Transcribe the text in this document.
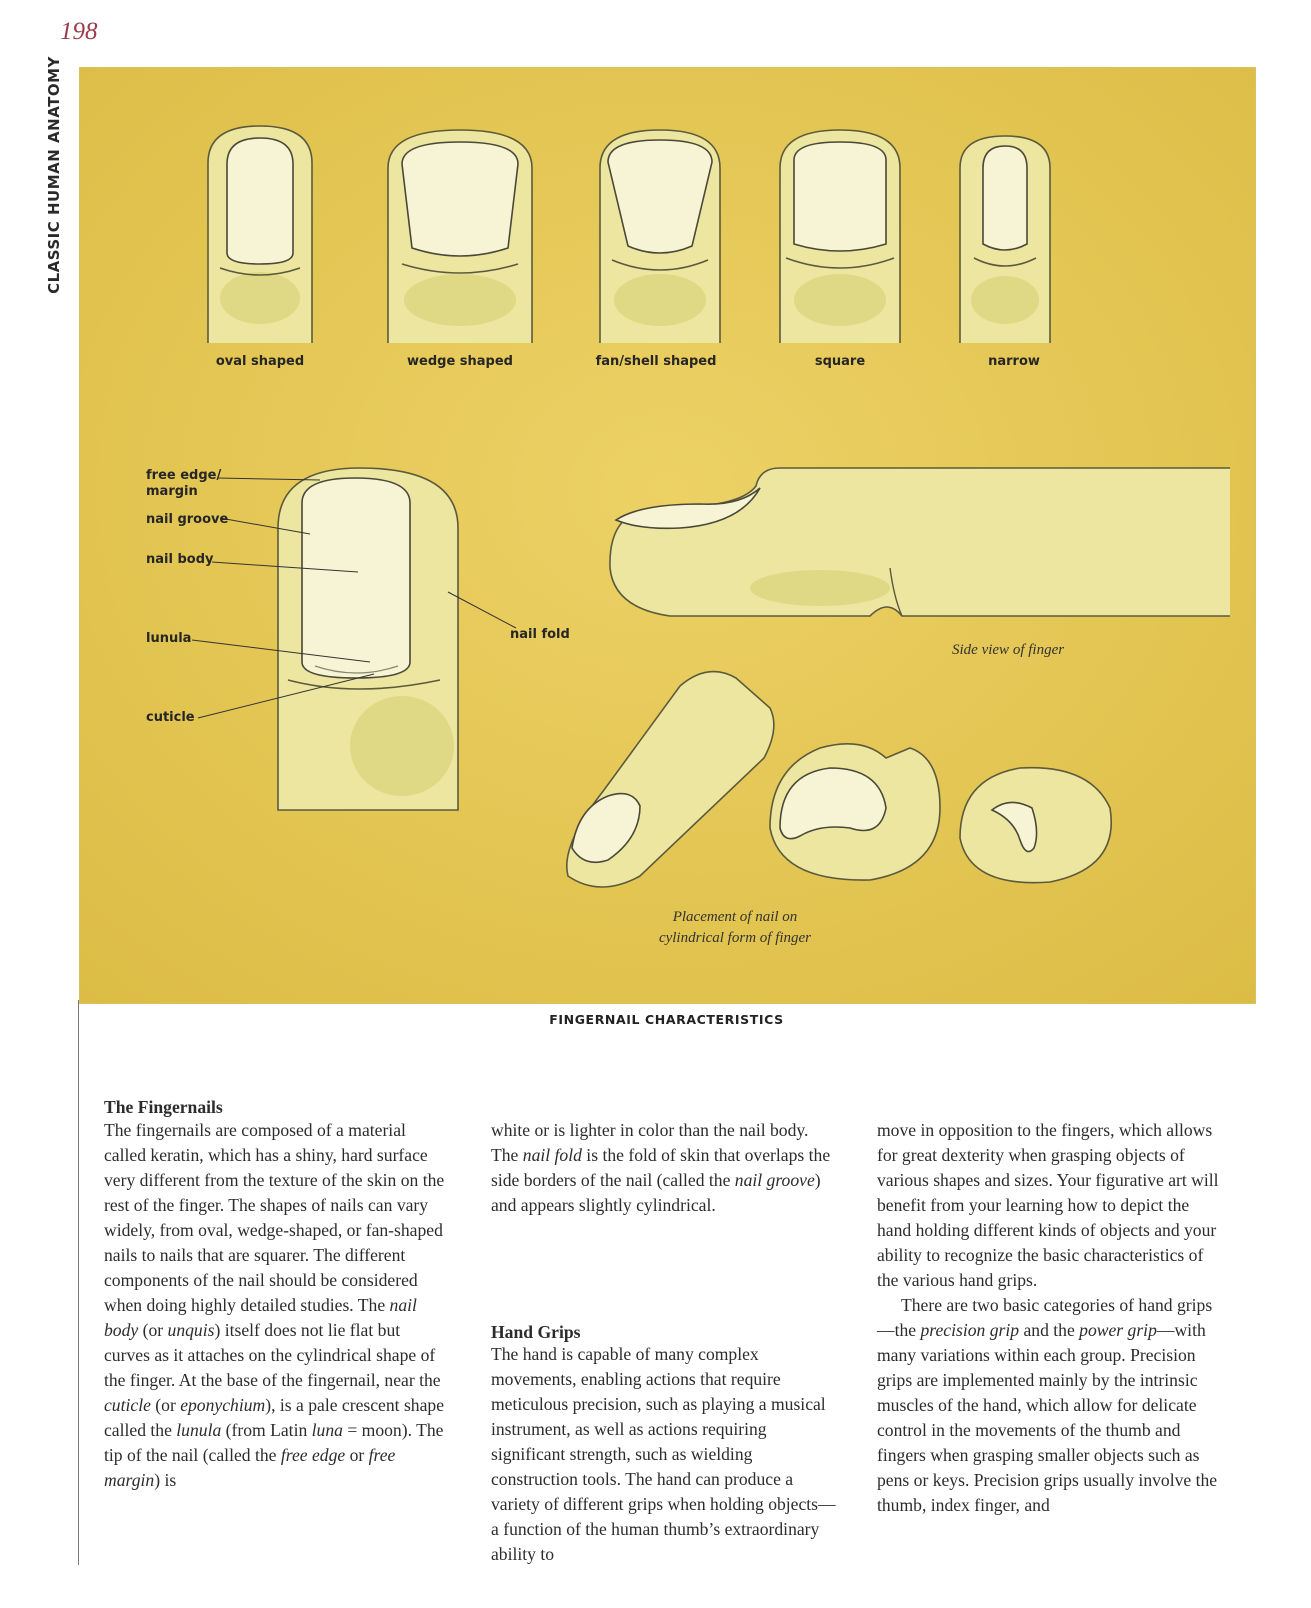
198
CLASSIC HUMAN ANATOMY
oval shaped	wedge shaped	fan/shell shaped	square	narrow
free edge/
margin
nail groove
nail body
lunula
cuticle
nail fold
Side view of finger
Placement of nail on
cylindrical form of finger
FINGERNAIL CHARACTERISTICS
The Fingernails
Hand Grips

The fingernails are composed of a material called keratin, which has a shiny, hard surface very different from the texture of the skin on the rest of the finger. The shapes of nails can vary widely, from oval, wedge-shaped, or fan-shaped nails to nails that are squarer. The different components of the nail should be considered when doing highly detailed studies. The nail body (or unquis) itself does not lie flat but curves as it attaches on the cylindrical shape of the finger. At the base of the fingernail, near the cuticle (or eponychium), is a pale crescent shape called the lunula (from Latin luna = moon). The tip of the nail (called the free edge or free margin) is

white or is lighter in color than the nail body. The nail fold is the fold of skin that overlaps the side borders of the nail (called the nail groove) and appears slightly cylindrical.

The hand is capable of many complex movements, enabling actions that require meticulous precision, such as playing a musical instrument, as well as actions requiring significant strength, such as wielding construction tools. The hand can produce a variety of different grips when holding objects—a function of the human thumb’s extraordinary ability to

move in opposition to the fingers, which allows for great dexterity when grasping objects of various shapes and sizes. Your figurative art will benefit from your learning how to depict the hand holding different kinds of objects and your ability to recognize the basic characteristics of the various hand grips.

There are two basic categories of hand grips—the precision grip and the power grip—with many variations within each group. Precision grips are implemented mainly by the intrinsic muscles of the hand, which allow for delicate control in the movements of the thumb and fingers when grasping smaller objects such as pens or keys. Precision grips usually involve the thumb, index finger, and
